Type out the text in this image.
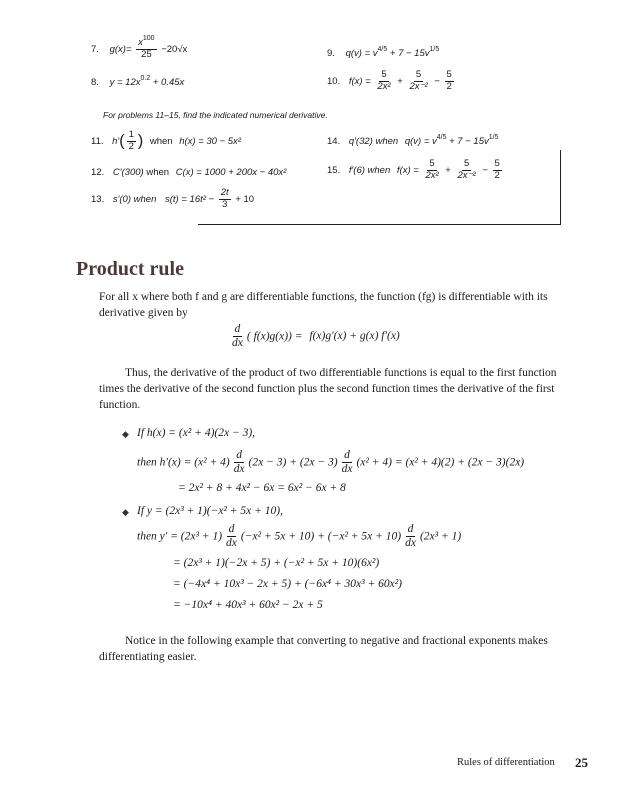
7. $g(x)= \frac{x^{100}}{25} -20√x$
8. $y = 12x^{0.2} + 0.45x$
9. $q(v) = v^{4/5} + 7 - 15v^{1/5}$
10. $f(x) = \frac{5}{\text{2x²}} + \frac{5}{\text{2x⁻²}} - \frac{5}{2}$
For problems 11–15, find the indicated numerical derivative.
11. $h'( \frac{1}{2}$ ) when h(x) = 30 − 5x²
12. C′(300) when C(x) = 1000 + 200x − 40x²
13. s′(0) when $s(t) = 16t^2 - \frac{2t}{3} + 10$
14. q′(32) when $q(v) = v^{4/5} + 7 - 15v^{1/5}$
15. f′(6) when $f(x) = \frac{5}{\text{2x²}} + \frac{5}{\text{2x⁻²}} - \frac{5}{2}$
Product rule
For all x where both f and g are differentiable functions, the function (fg) is differentiable with its derivative given by
$\frac{d}{dx}$ ( f(x)g(x)) = f(x)g′(x) + g(x) f′(x)
Thus, the derivative of the product of two differentiable functions is equal to the first function times the derivative of the second function plus the second function times the derivative of the first function.
◆ If h(x) = (x² + 4)(2x − 3),
then $h'(x) = (x^2 + 4) \frac{d}{dx} (2x - 3) + (2x - 3) \frac{d}{dx} (x^2 + 4) = (x^2 + 4)(2) + (2x - 3)(2x)$
= 2x² + 8 + 4x² − 6x = 6x² − 6x + 8
◆ If y = (2x³ + 1)(−x² + 5x + 10),
then $y' = (2x^3 + 1) \frac{d}{dx} (-x^2 + 5x + 10) + (-x^2 + 5x + 10) \frac{d}{dx} (2x^3 + 1)$
= (2x³ + 1)(−2x + 5) + (−x² + 5x + 10)(6x²)
= (−4x⁴ + 10x³ − 2x + 5) + (−6x⁴ + 30x³ + 60x²)
= −10x⁴ + 40x³ + 60x² − 2x + 5
Notice in the following example that converting to negative and fractional exponents makes differentiating easier.
Rules of differentiation 25
